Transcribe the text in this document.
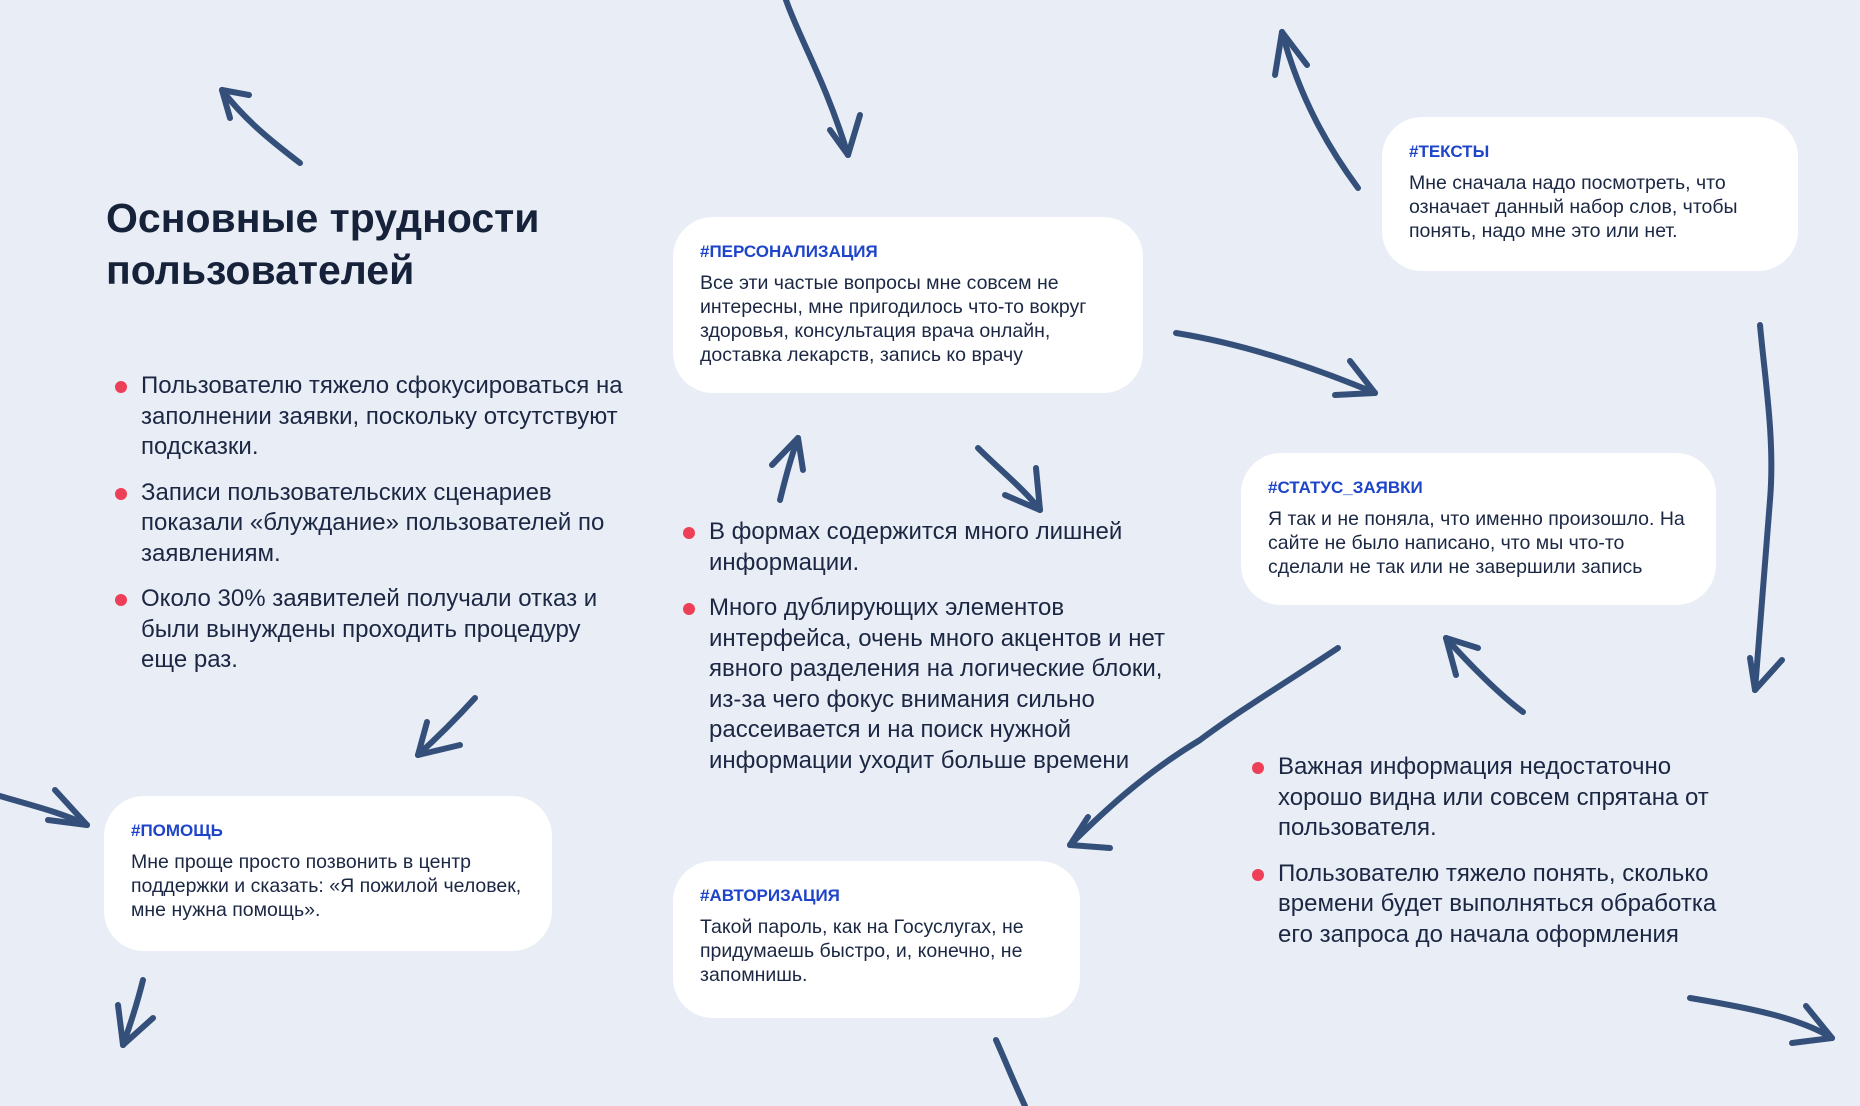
Основные трудности пользователей
Пользователю тяжело сфокусироваться на заполнении заявки, поскольку отсутствуют подсказки.
Записи пользовательских сценариев показали «блуждание» пользователей по заявлениям.
Около 30% заявителей получали отказ и были вынуждены проходить процедуру еще раз.
В формах содержится много лишней информации.
Много дублирующих элементов интерфейса, очень много акцентов и нет явного разделения на логические блоки, из-за чего фокус внимания сильно рассеивается и на поиск нужной информации уходит больше времени	Важная информация недостаточно хорошо видна или совсем спрятана от пользователя.
Пользователю тяжело понять, сколько времени будет выполняться обработка его запроса до начала оформления
#ПЕРСОНАЛИЗАЦИЯ

Все эти частые вопросы мне совсем не интересны, мне пригодилось что-то вокруг здоровья, консультация врача онлайн, доставка лекарств, запись ко врачу

#ТЕКСТЫ

Мне сначала надо посмотреть, что означает данный набор слов, чтобы понять, надо мне это или нет.

#СТАТУС_ЗАЯВКИ

Я так и не поняла, что именно произошло. На сайте не было написано, что мы что-то сделали не так или не завершили запись

#ПОМОЩЬ

Мне проще просто позвонить в центр поддержки и сказать: «Я пожилой человек, мне нужна помощь».

#АВТОРИЗАЦИЯ

Такой пароль, как на Госуслугах, не придумаешь быстро, и, конечно, не запомнишь.
